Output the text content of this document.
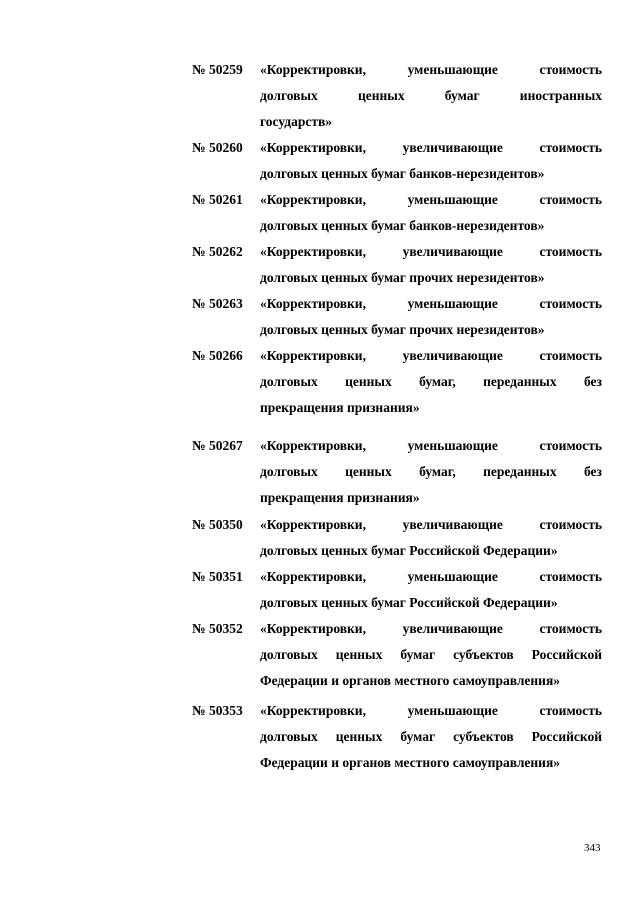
№ 50259 «Корректировки,	уменьшающие	стоимость
долговых	ценных	бумаг	иностранных
государств»
№ 50260 «Корректировки,	увеличивающие	стоимость
долговых ценных бумаг банков-нерезидентов»
№ 50261 «Корректировки,	уменьшающие	стоимость
долговых ценных бумаг банков-нерезидентов»
№ 50262 «Корректировки,	увеличивающие	стоимость
долговых ценных бумаг прочих нерезидентов»
№ 50263 «Корректировки,	уменьшающие	стоимость
долговых ценных бумаг прочих нерезидентов»
№ 50266 «Корректировки,	увеличивающие	стоимость
долговых ценных бумаг, переданных без
прекращения признания»
№ 50267 «Корректировки,	уменьшающие	стоимость
долговых ценных бумаг, переданных без
прекращения признания»
№ 50350 «Корректировки,	увеличивающие	стоимость
долговых ценных бумаг Российской Федерации»
№ 50351 «Корректировки,	уменьшающие	стоимость
долговых ценных бумаг Российской Федерации»
№ 50352 «Корректировки,	увеличивающие	стоимость
долговых ценных бумаг субъектов Российской
Федерации и органов местного самоуправления»
№ 50353 «Корректировки,	уменьшающие	стоимость
долговых ценных бумаг субъектов Российской
Федерации и органов местного самоуправления»
343
